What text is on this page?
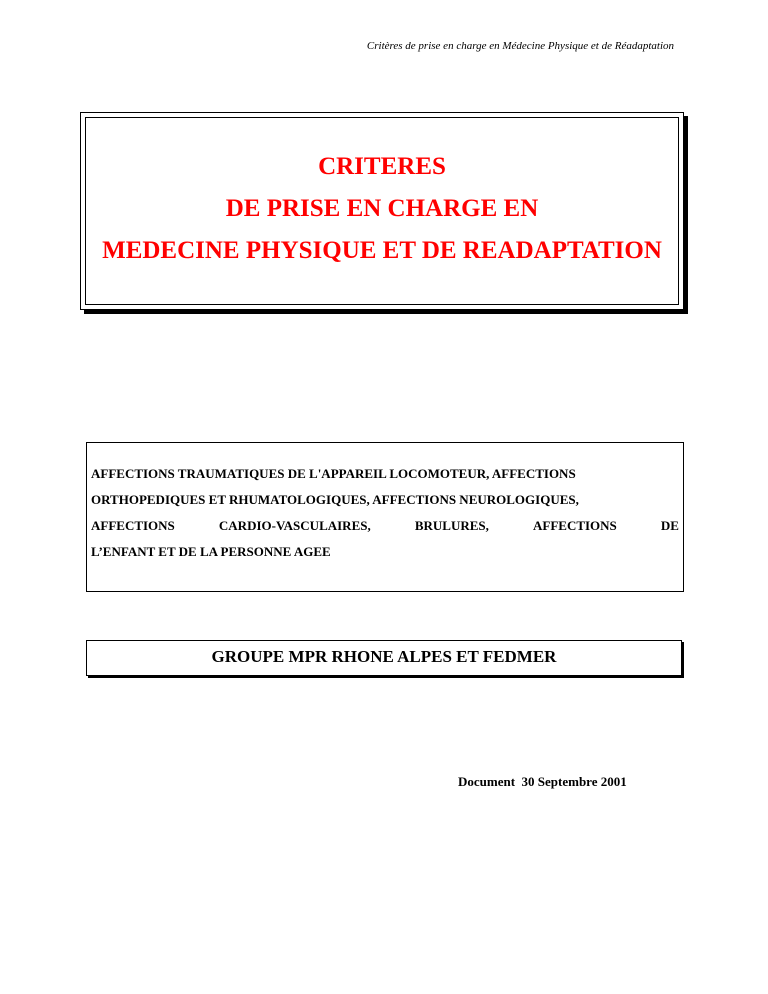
Critères de prise en charge en Médecine Physique et de Réadaptation
CRITERES
DE PRISE EN CHARGE EN
MEDECINE PHYSIQUE ET DE READAPTATION
AFFECTIONS TRAUMATIQUES DE L'APPAREIL LOCOMOTEUR, AFFECTIONS
ORTHOPEDIQUES ET RHUMATOLOGIQUES, AFFECTIONS NEUROLOGIQUES,
AFFECTIONS	CARDIO-VASCULAIRES,	BRULURES,	AFFECTIONS	DE
L’ENFANT ET DE LA PERSONNE AGEE
GROUPE MPR RHONE ALPES ET FEDMER
Document  30 Septembre 2001
